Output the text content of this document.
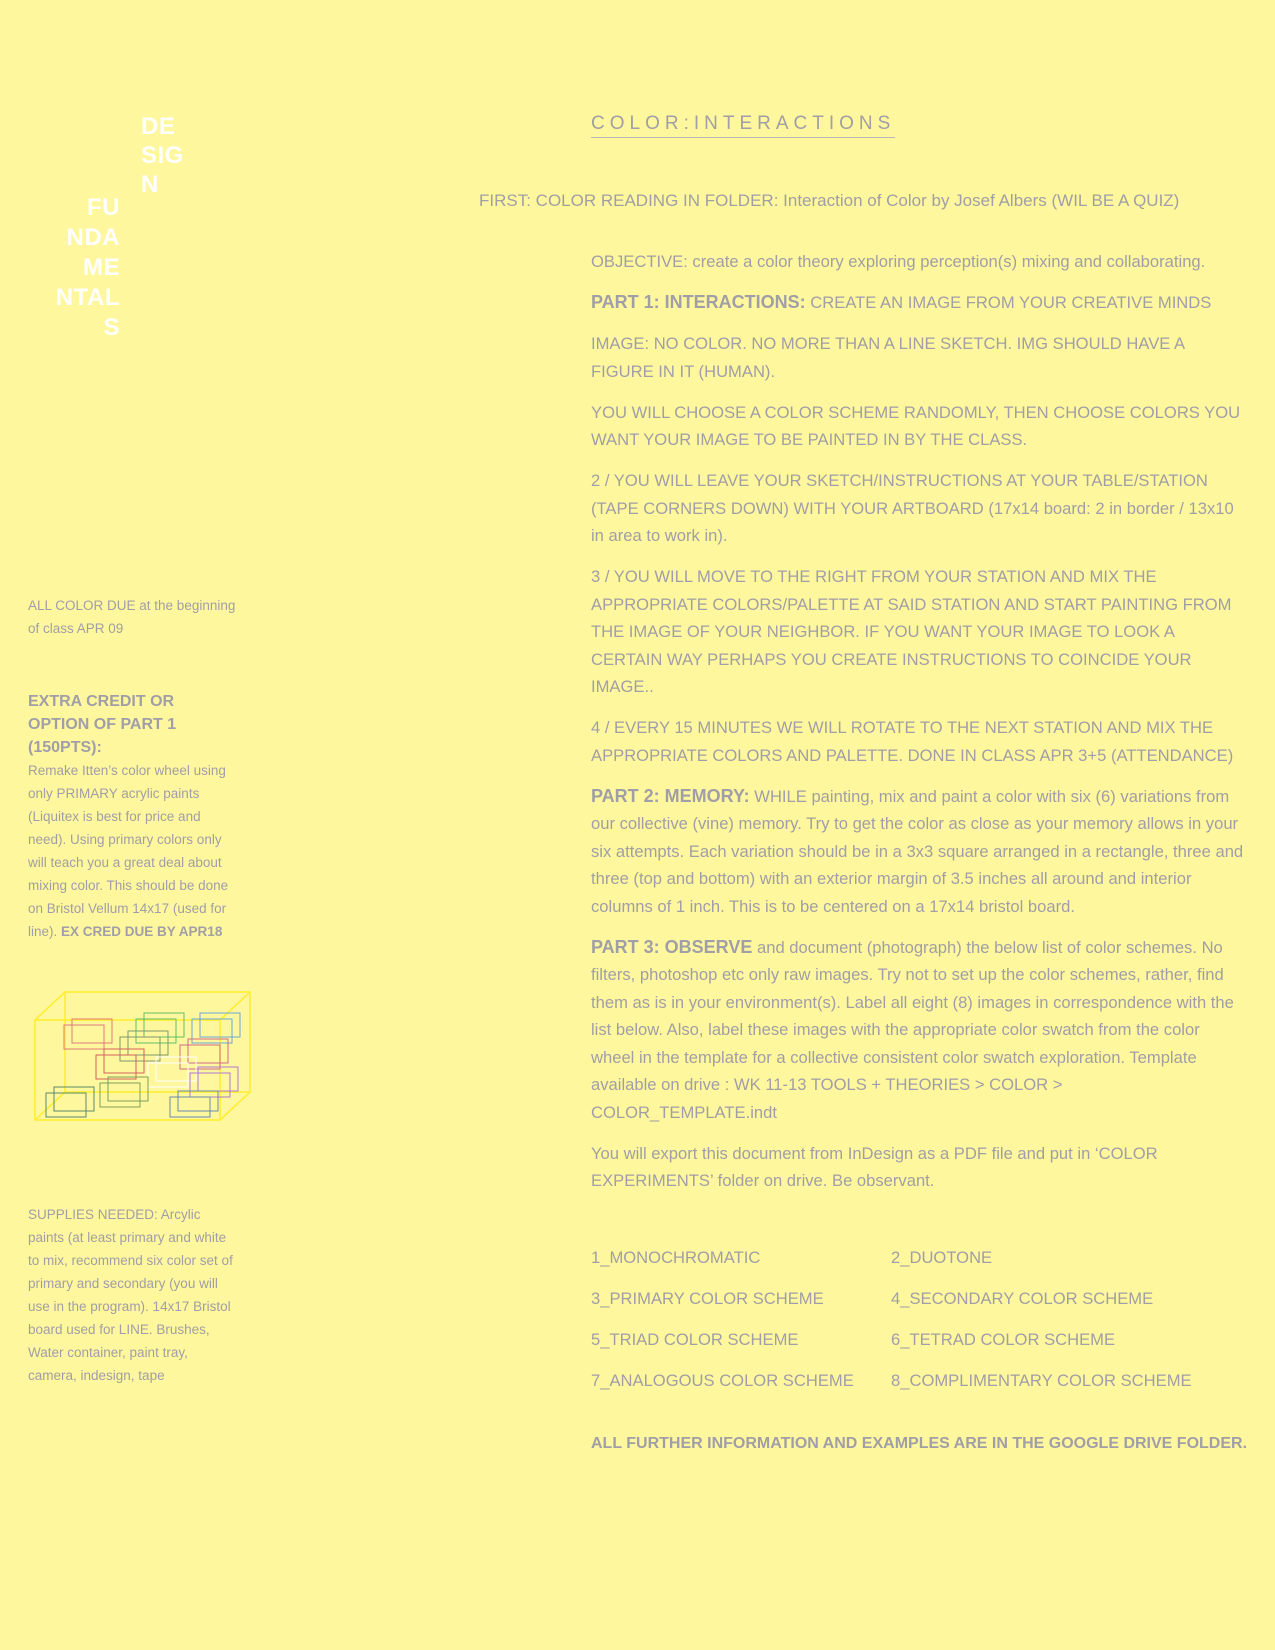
DE
SIG
N
FU
NDA
ME
NTAL
S
ALL COLOR DUE at the beginning of class APR 09
EXTRA CREDIT OR OPTION OF PART 1 (150PTS):
Remake Itten’s color wheel using only PRIMARY acrylic paints (Liquitex is best for price and need). Using primary colors only will teach you a great deal about mixing color. This should be done on Bristol Vellum 14x17 (used for line). EX CRED DUE BY APR18
SUPPLIES NEEDED: Arcylic paints (at least primary and white to mix, recommend six color set of primary and secondary (you will use in the program). 14x17 Bristol board used for LINE. Brushes, Water container, paint tray, camera, indesign, tape
COLOR:INTERACTIONS
FIRST: COLOR READING IN FOLDER: Interaction of Color by Josef Albers (WIL BE A QUIZ)

OBJECTIVE: create a color theory exploring perception(s) mixing and collaborating.

PART 1: INTERACTIONS: CREATE AN IMAGE FROM YOUR CREATIVE MINDS

IMAGE: NO COLOR. NO MORE THAN A LINE SKETCH. IMG SHOULD HAVE A FIGURE IN IT (HUMAN).

YOU WILL CHOOSE A COLOR SCHEME RANDOMLY, THEN CHOOSE COLORS YOU WANT YOUR IMAGE TO BE PAINTED IN BY THE CLASS.

2 / YOU WILL LEAVE YOUR SKETCH/INSTRUCTIONS AT YOUR TABLE/STATION (TAPE CORNERS DOWN) WITH YOUR ARTBOARD (17x14 board: 2 in border / 13x10 in area to work in).

3 / YOU WILL MOVE TO THE RIGHT FROM YOUR STATION AND MIX THE APPROPRIATE COLORS/PALETTE AT SAID STATION AND START PAINTING FROM THE IMAGE OF YOUR NEIGHBOR. IF YOU WANT YOUR IMAGE TO LOOK A CERTAIN WAY PERHAPS YOU CREATE INSTRUCTIONS TO COINCIDE YOUR IMAGE..

4 / EVERY 15 MINUTES WE WILL ROTATE TO THE NEXT STATION AND MIX THE APPROPRIATE COLORS AND PALETTE. DONE IN CLASS APR 3+5 (ATTENDANCE)

PART 2: MEMORY: WHILE painting, mix and paint a color with six (6) variations from our collective (vine) memory. Try to get the color as close as your memory allows in your six attempts. Each variation should be in a 3x3 square arranged in a rectangle, three and three (top and bottom) with an exterior margin of 3.5 inches all around and interior columns of 1 inch. This is to be centered on a 17x14 bristol board.

PART 3: OBSERVE and document (photograph) the below list of color schemes. No filters, photoshop etc only raw images. Try not to set up the color schemes, rather, find them as is in your environment(s). Label all eight (8) images in correspondence with the list below. Also, label these images with the appropriate color swatch from the color wheel in the template for a collective consistent color swatch exploration. Template available on drive : WK 11-13 TOOLS + THEORIES > COLOR > COLOR_TEMPLATE.indt

You will export this document from InDesign as a PDF file and put in ‘COLOR EXPERIMENTS’ folder on drive. Be observant.

1_MONOCHROMATIC	2_DUOTONE
3_PRIMARY COLOR SCHEME	4_SECONDARY COLOR SCHEME
5_TRIAD COLOR SCHEME	6_TETRAD COLOR SCHEME
7_ANALOGOUS COLOR SCHEME	8_COMPLIMENTARY COLOR SCHEME
ALL FURTHER INFORMATION AND EXAMPLES ARE IN THE GOOGLE DRIVE FOLDER.
